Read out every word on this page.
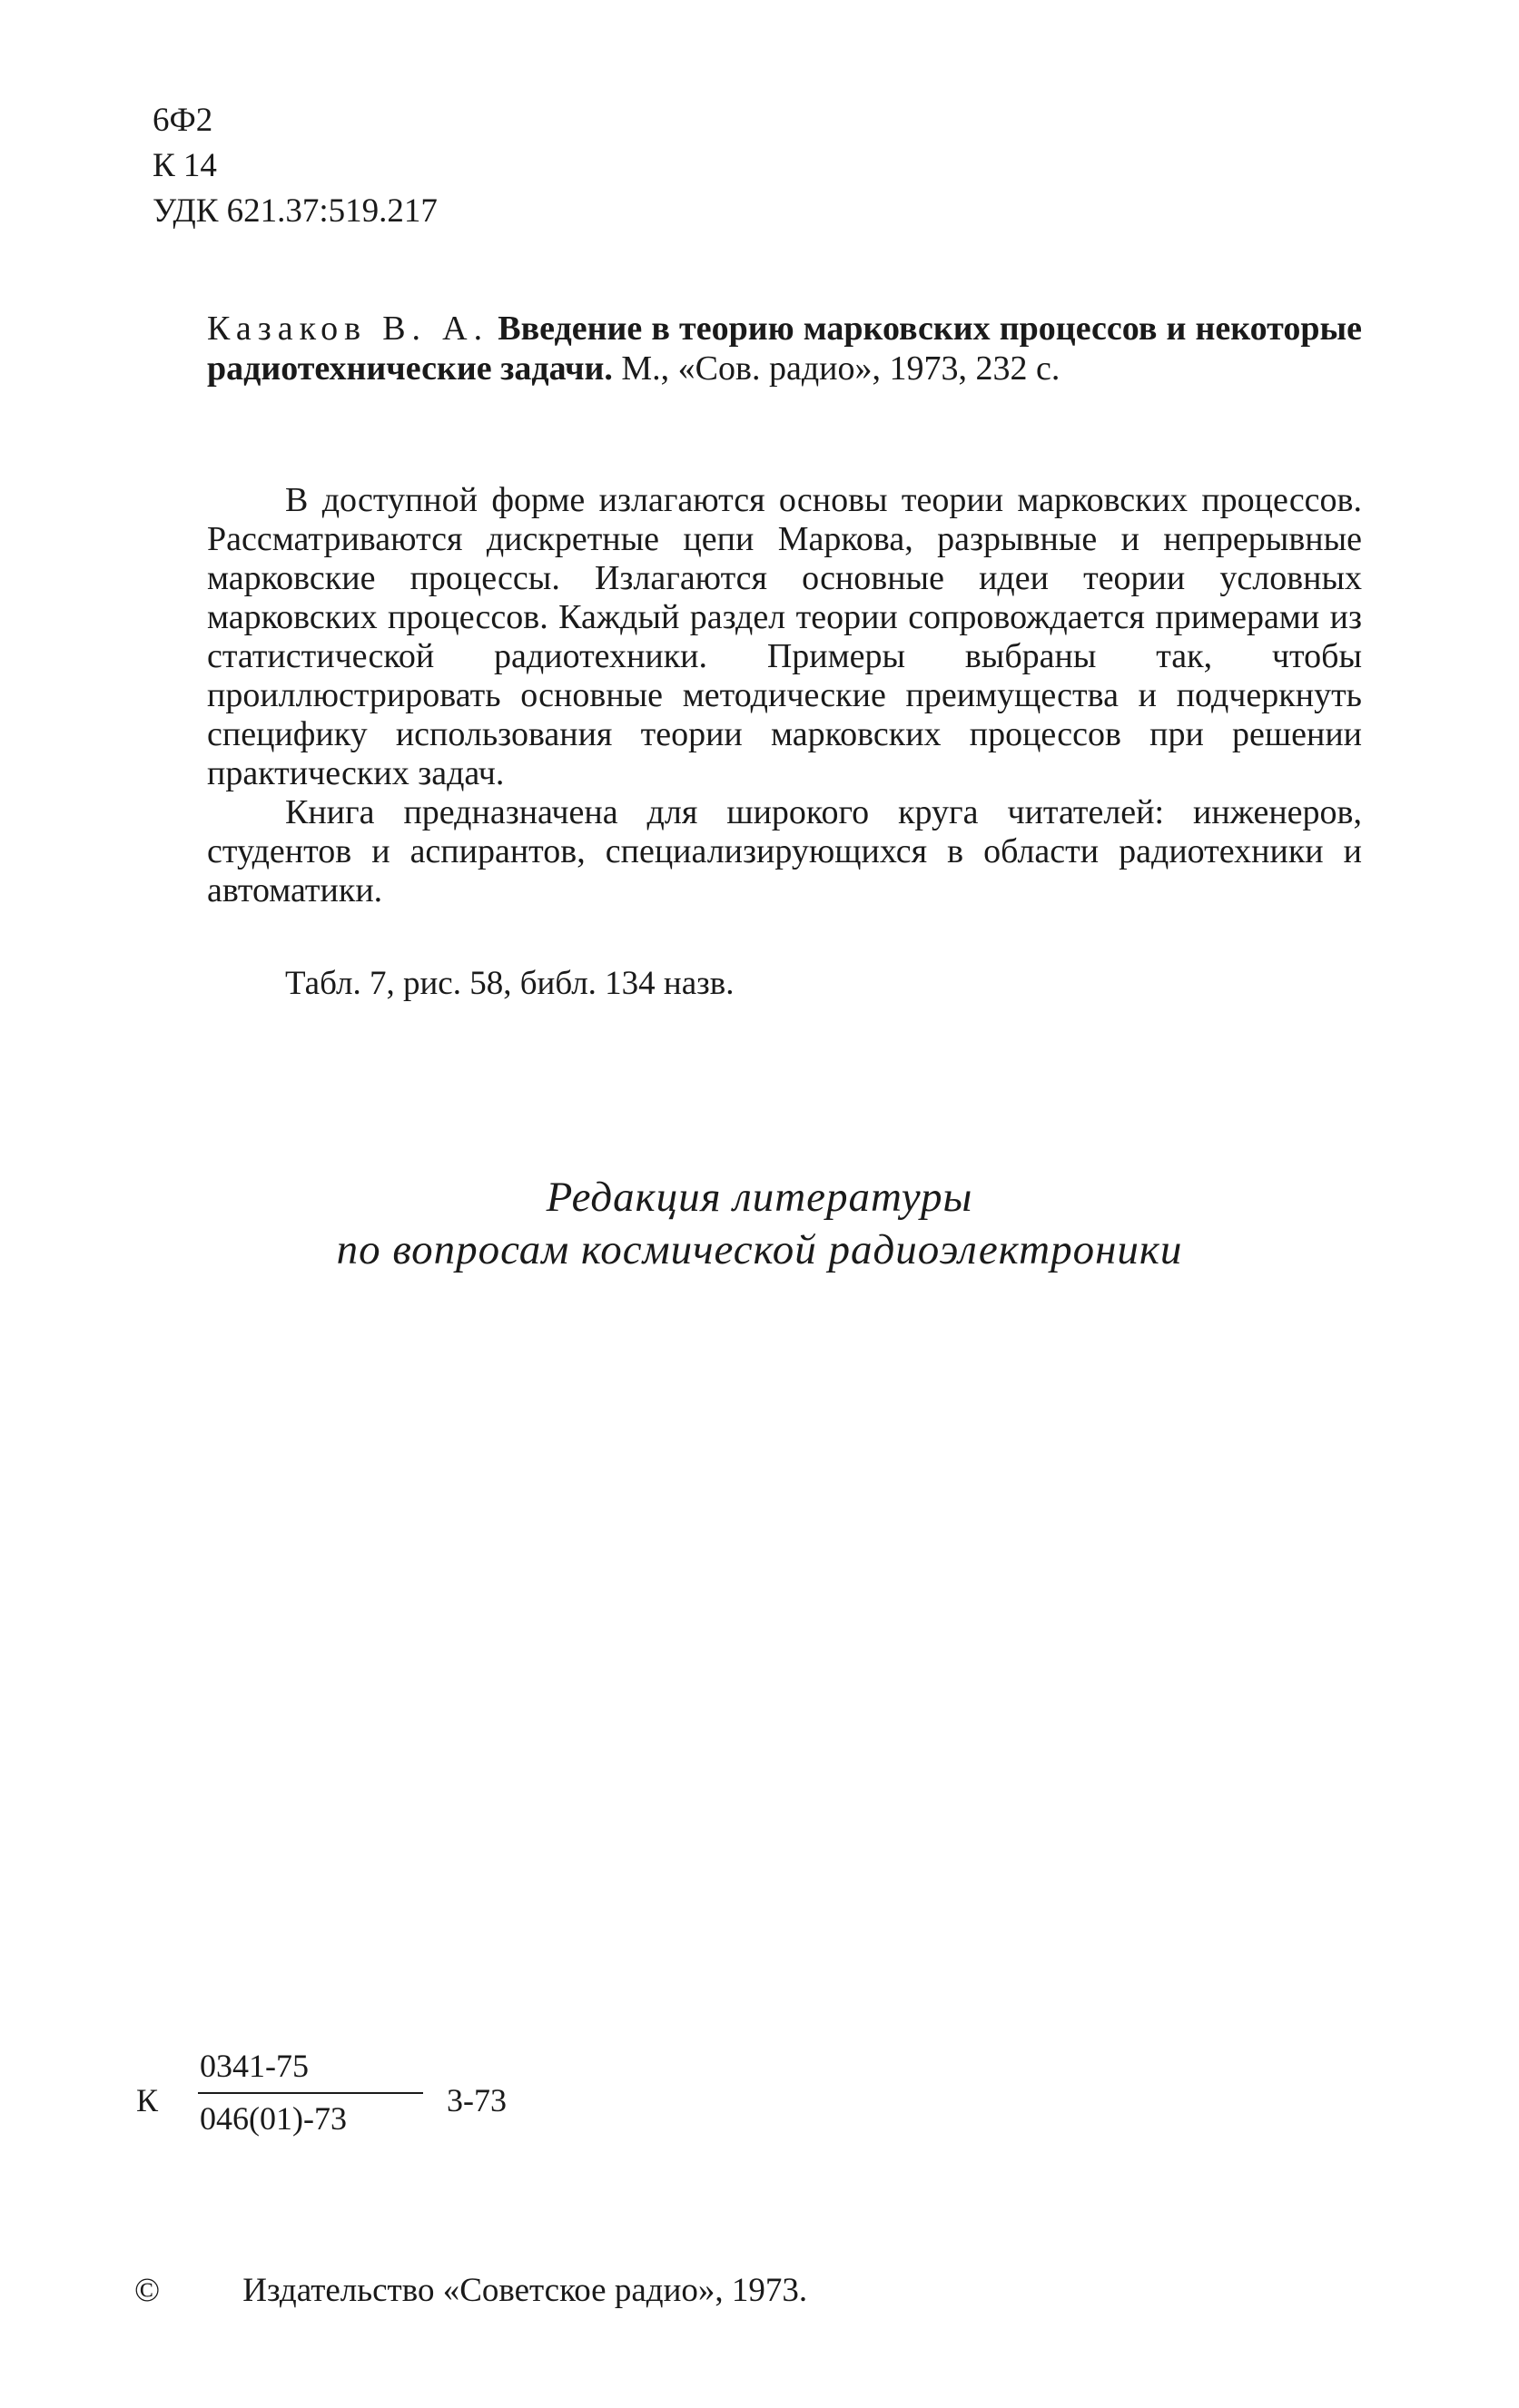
6Ф2
К 14
УДК 621.37:519.217
Казаков В. А. Введение в теорию марковских процессов и некоторые радиотехнические задачи. М., «Сов. радио», 1973, 232 с.

В доступной форме излагаются основы теории марковских процессов. Рассматриваются дискретные цепи Маркова, разрывные и непрерывные марковские процессы. Излагаются основные идеи теории условных марковских процессов. Каждый раздел теории сопровождается примерами из статистической радиотехники. Примеры выбраны так, чтобы проиллюстрировать основные методические преимущества и подчеркнуть специфику использования теории марковских процессов при решении практических задач.

Книга предназначена для широкого круга читателей: инженеров, студентов и аспирантов, специализирующихся в области радиотехники и автоматики.

Табл. 7, рис. 58, библ. 134 назв.
Редакция литературы
по вопросам космической радиоэлектроники
К
0341-75
046(01)-73	3-73
© Издательство «Советское радио», 1973.
